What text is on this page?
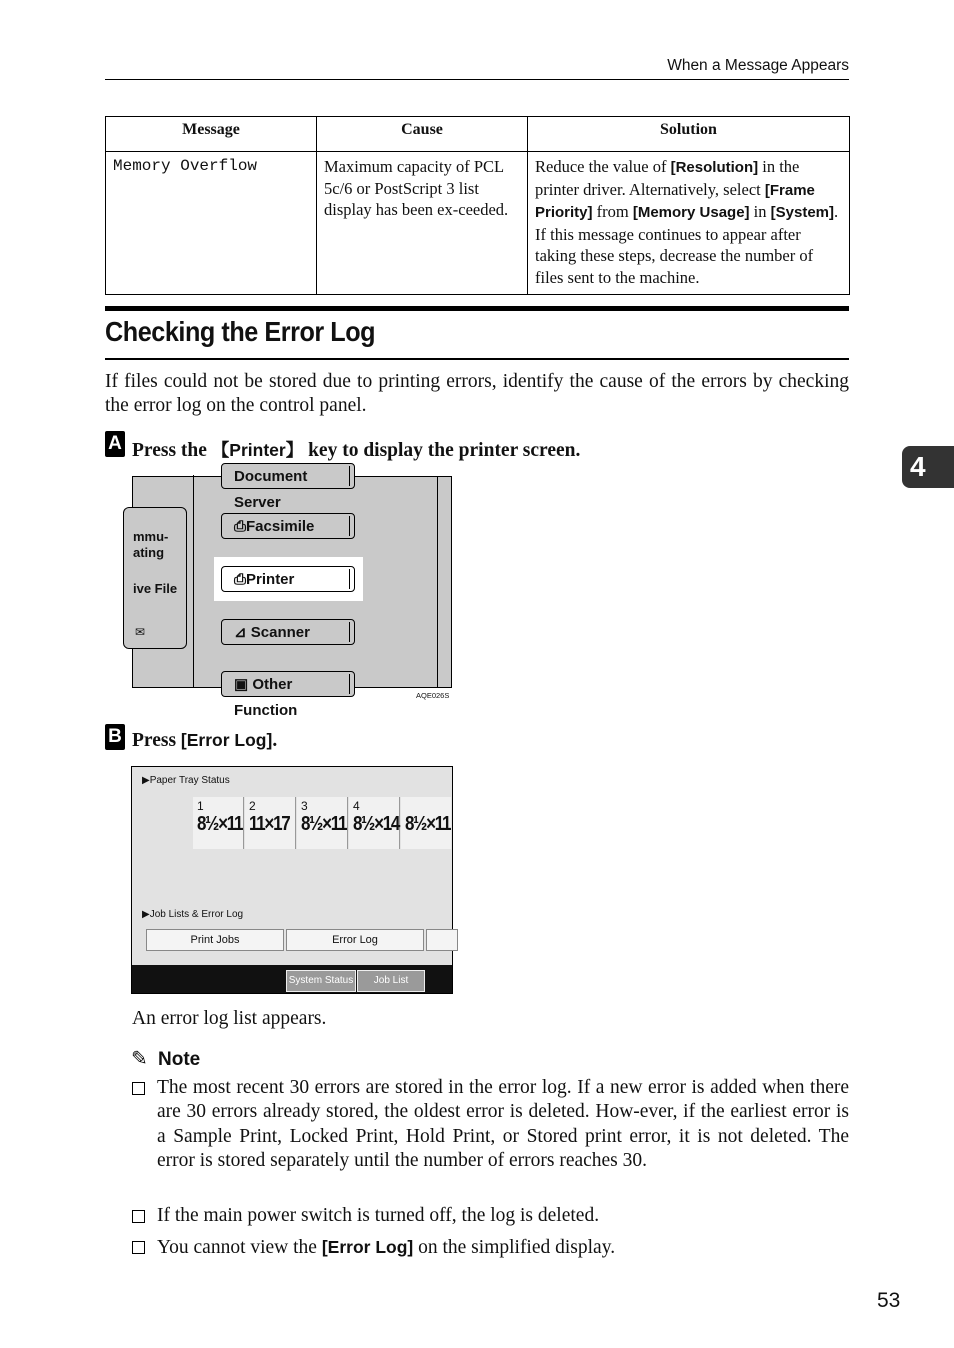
When a Message Appears
Message	Cause	Solution
Memory Overflow	Maximum capacity of PCL 5c/6 or PostScript 3 list display has been ex-ceeded.	Reduce the value of [Resolution] in the printer driver. Alternatively, select [Frame Priority] from [Memory Usage] in [System]. If this message continues to appear after taking these steps, decrease the number of files sent to the machine.
Checking the Error Log
If files could not be stored due to printing errors, identify the cause of the errors by checking the error log on the control panel.
A Press the 【Printer】 key to display the printer screen.
mmu-
ating
ive File
✉
Document Server
⎙Facsimile
⎙Printer
⊿ Scanner
▣ Other Function
AQE026S
B Press [Error Log].
▶Paper Tray Status
1
8½×11
2
11×17
3
8½×11
4
8½×14 8½×11
▶Job Lists & Error Log
Print Jobs	Error Log
System Status	Job List
An error log list appears.
✎ Note
The most recent 30 errors are stored in the error log. If a new error is added when there are 30 errors already stored, the oldest error is deleted. How-ever, if the earliest error is a Sample Print, Locked Print, Hold Print, or Stored print error, it is not deleted. The error is stored separately until the number of errors reaches 30.
If the main power switch is turned off, the log is deleted.
You cannot view the [Error Log] on the simplified display.
4
53
